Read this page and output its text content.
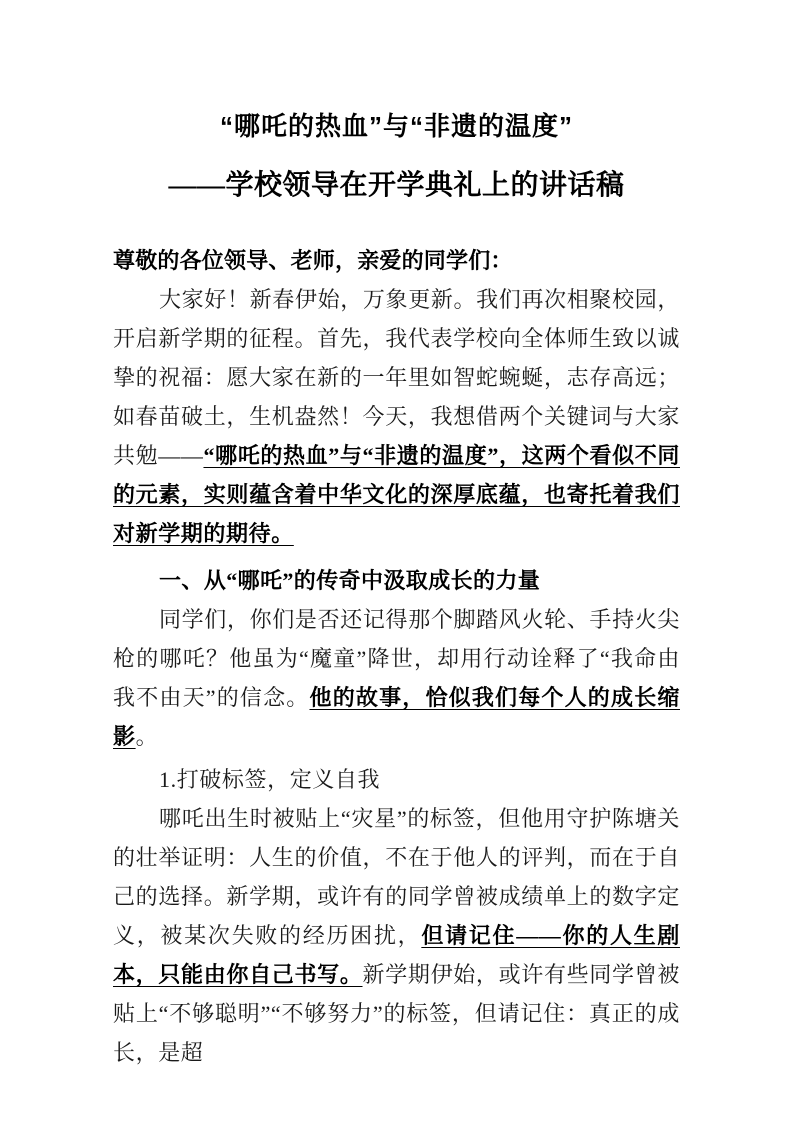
“哪吒的热血”与“非遗的温度”
——学校领导在开学典礼上的讲话稿

尊敬的各位领导、老师，亲爱的同学们：

大家好！新春伊始，万象更新。我们再次相聚校园，开启新学期的征程。首先，我代表学校向全体师生致以诚挚的祝福：愿大家在新的一年里如智蛇蜿蜒，志存高远；如春苗破土，生机盎然！今天，我想借两个关键词与大家共勉——“哪吒的热血”与“非遗的温度”，这两个看似不同的元素，实则蕴含着中华文化的深厚底蕴，也寄托着我们对新学期的期待。

一、从“哪吒”的传奇中汲取成长的力量

同学们，你们是否还记得那个脚踏风火轮、手持火尖枪的哪吒？他虽为“魔童”降世，却用行动诠释了“我命由我不由天”的信念。他的故事，恰似我们每个人的成长缩影。

1.打破标签，定义自我

哪吒出生时被贴上“灾星”的标签，但他用守护陈塘关的壮举证明：人生的价值，不在于他人的评判，而在于自己的选择。新学期，或许有的同学曾被成绩单上的数字定义，被某次失败的经历困扰，但请记住——你的人生剧本，只能由你自己书写。新学期伊始，或许有些同学曾被贴上“不够聪明”“不够努力”的标签，但请记住：真正的成长，是超
